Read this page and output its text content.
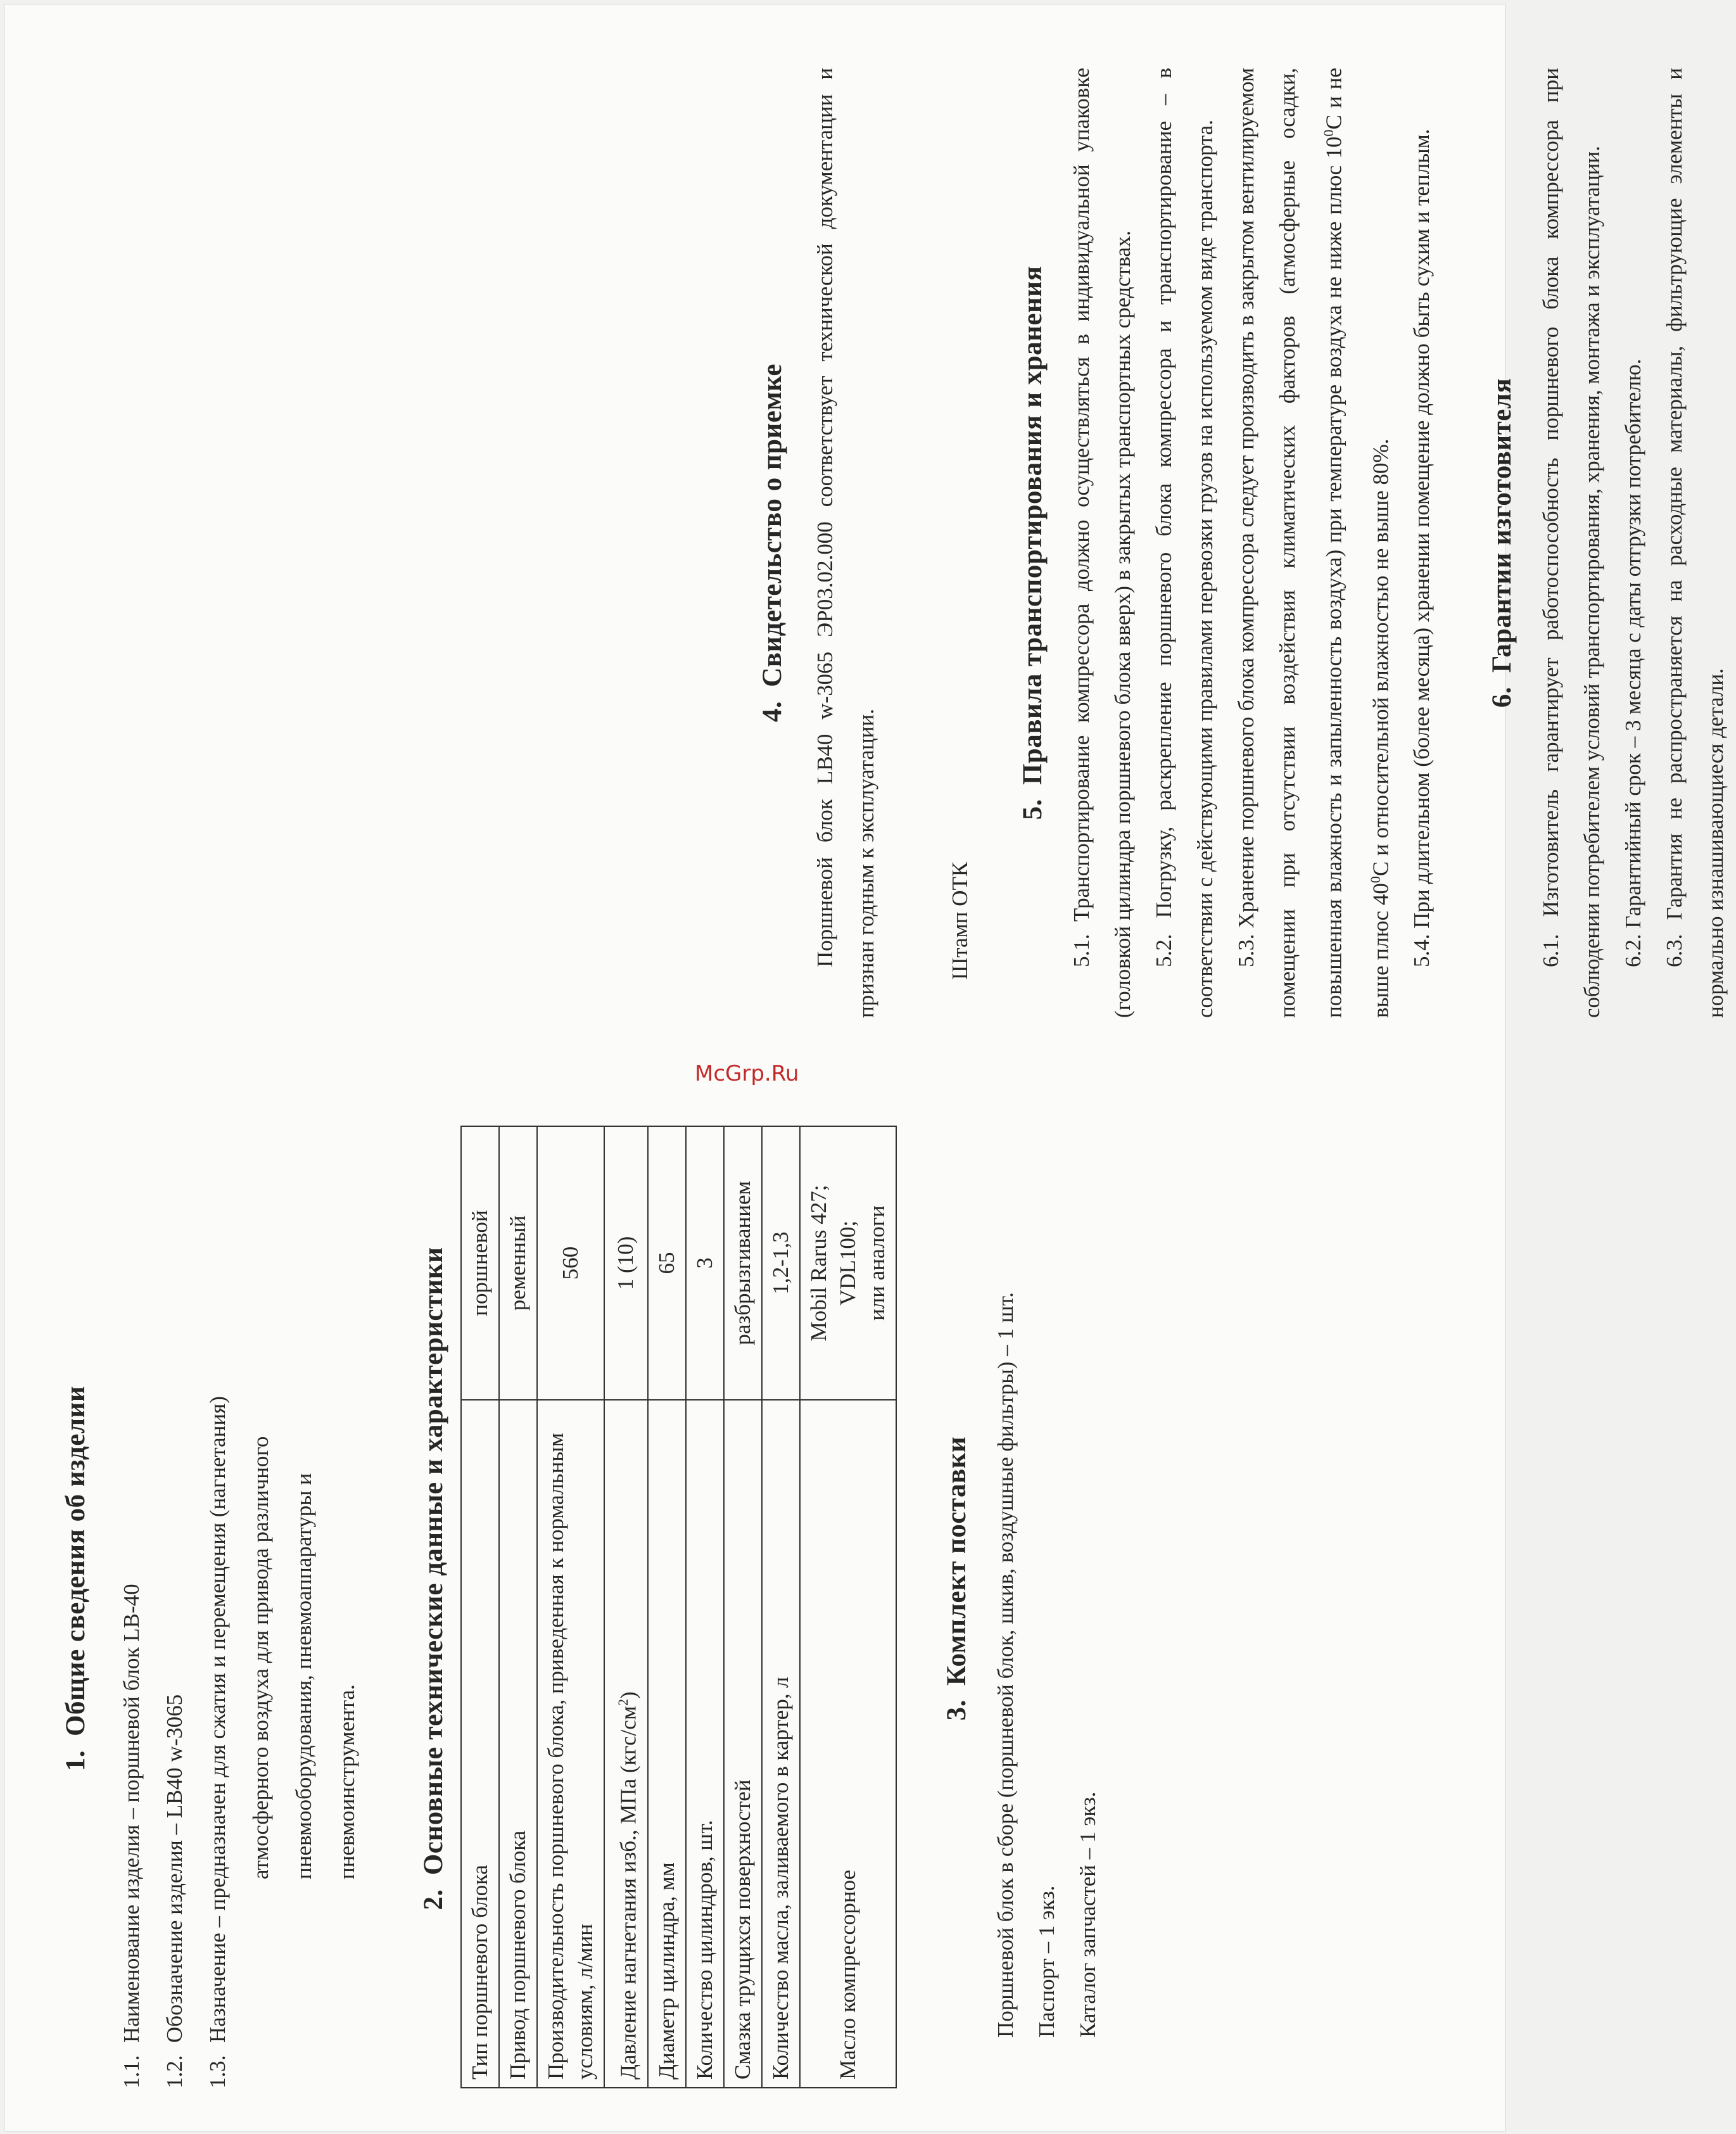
McGrp.Ru
1.Общие сведения об изделии

1.1.Наименование изделия – поршневой блок LB-40

1.2.Обозначение изделия – LB40 w-3065

1.3.Назначение – предназначен для сжатия и перемещения (нагнетания) атмосферного воздуха для привода различного пневмооборудования, пневмоаппаратуры и пневмоинструмента.

2.Основные технические данные и характеристики
Тип поршневого блока	поршневой
Привод поршневого блока	ременный
Производительность поршневого блока, приведенная к нормальным условиям, л/мин	560
Давление нагнетания изб., МПа $(кгс/см^2)$	1 (10)
Диаметр цилиндра, мм	65
Количество цилиндров, шт.	3
Смазка трущихся поверхностей	разбрызгиванием
Количество масла, заливаемого в картер, л	1,2-1,3
Масло компрессорное	Mobil Rarus 427; VDL100; или аналоги
3.Комплект поставки Поршневой блок в сборе (поршневой блок, шкив, воздушные фильтры) – 1 шт. Паспорт – 1 экз. Каталог запчастей – 1 экз.

4.Свидетельство о приемке	Поршневой блок LB40 w-3065 ЭР03.02.000 соответствует технической документации и признан годным к эксплуатации.	Штамп ОТК

5.Правила транспортирования и хранения 5.1. Транспортирование компрессора должно осуществляться в индивидуальной упаковке (головкой цилиндра поршневого блока вверх) в закрытых транспортных средствах. 5.2. Погрузку, раскрепление поршневого блока компрессора и транспортирование – в соответствии с действующими правилами перевозки грузов на используемом виде транспорта. 5.3. Хранение поршневого блока компрессора следует производить в закрытом вентилируемом помещении при отсутствии воздействия климатических факторов (атмосферные осадки, повышенная влажность и запыленность воздуха) при температуре воздуха не ниже плюс $10^0С$ и не выше плюс $40^0С$ и относительной влажностью не выше 80%. 5.4. При длительном (более месяца) хранении помещение должно быть сухим и теплым.	6.Гарантии изготовителя 6.1. Изготовитель гарантирует работоспособность поршневого блока компрессора при соблюдении потребителем условий транспортирования, хранения, монтажа и эксплуатации. 6.2. Гарантийный срок – 3 месяца с даты отгрузки потребителю. 6.3. Гарантия не распространяется на расходные материалы, фильтрующие элементы и нормально изнашивающиеся детали.
